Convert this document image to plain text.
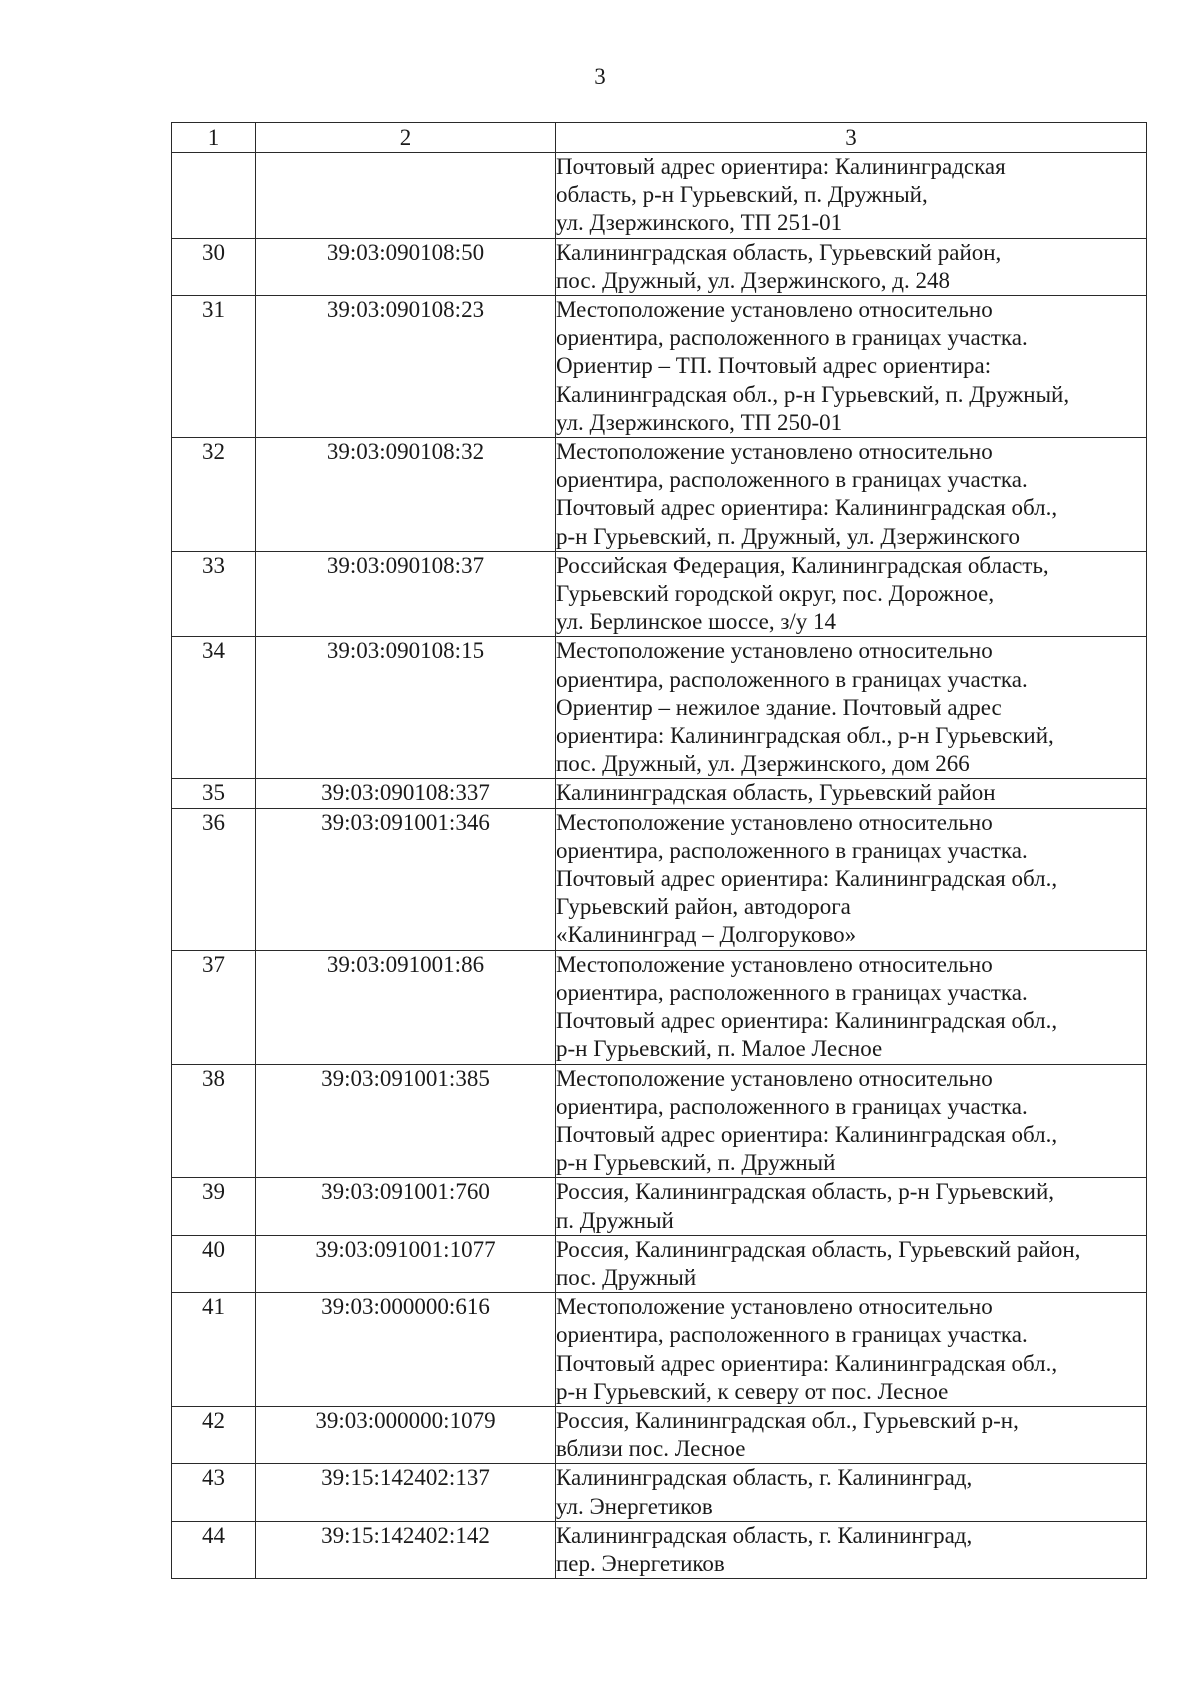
3
1	2	3

		Почтовый адрес ориентира: Калининградская
область, р-н Гурьевский, п. Дружный,
ул. Дзержинского, ТП 251-01

30	39:03:090108:50	Калининградская область, Гурьевский район,
пос. Дружный, ул. Дзержинского, д. 248

31	39:03:090108:23	Местоположение установлено относительно
ориентира, расположенного в границах участка.
Ориентир – ТП. Почтовый адрес ориентира:
Калининградская обл., р-н Гурьевский, п. Дружный,
ул. Дзержинского, ТП 250-01

32	39:03:090108:32	Местоположение установлено относительно
ориентира, расположенного в границах участка.
Почтовый адрес ориентира: Калининградская обл.,
р-н Гурьевский, п. Дружный, ул. Дзержинского

33	39:03:090108:37	Российская Федерация, Калининградская область,
Гурьевский городской округ, пос. Дорожное,
ул. Берлинское шоссе, з/у 14

34	39:03:090108:15	Местоположение установлено относительно
ориентира, расположенного в границах участка.
Ориентир – нежилое здание. Почтовый адрес
ориентира: Калининградская обл., р-н Гурьевский,
пос. Дружный, ул. Дзержинского, дом 266

35	39:03:090108:337	Калининградская область, Гурьевский район

36	39:03:091001:346	Местоположение установлено относительно
ориентира, расположенного в границах участка.
Почтовый адрес ориентира: Калининградская обл.,
Гурьевский район, автодорога
«Калининград – Долгоруково»

37	39:03:091001:86	Местоположение установлено относительно
ориентира, расположенного в границах участка.
Почтовый адрес ориентира: Калининградская обл.,
р-н Гурьевский, п. Малое Лесное

38	39:03:091001:385	Местоположение установлено относительно
ориентира, расположенного в границах участка.
Почтовый адрес ориентира: Калининградская обл.,
р-н Гурьевский, п. Дружный

39	39:03:091001:760	Россия, Калининградская область, р-н Гурьевский,
п. Дружный

40	39:03:091001:1077	Россия, Калининградская область, Гурьевский район,
пос. Дружный

41	39:03:000000:616	Местоположение установлено относительно
ориентира, расположенного в границах участка.
Почтовый адрес ориентира: Калининградская обл.,
р-н Гурьевский, к северу от пос. Лесное

42	39:03:000000:1079	Россия, Калининградская обл., Гурьевский р-н,
вблизи пос. Лесное

43	39:15:142402:137	Калининградская область, г. Калининград,
ул. Энергетиков

44	39:15:142402:142	Калининградская область, г. Калининград,
пер. Энергетиков
